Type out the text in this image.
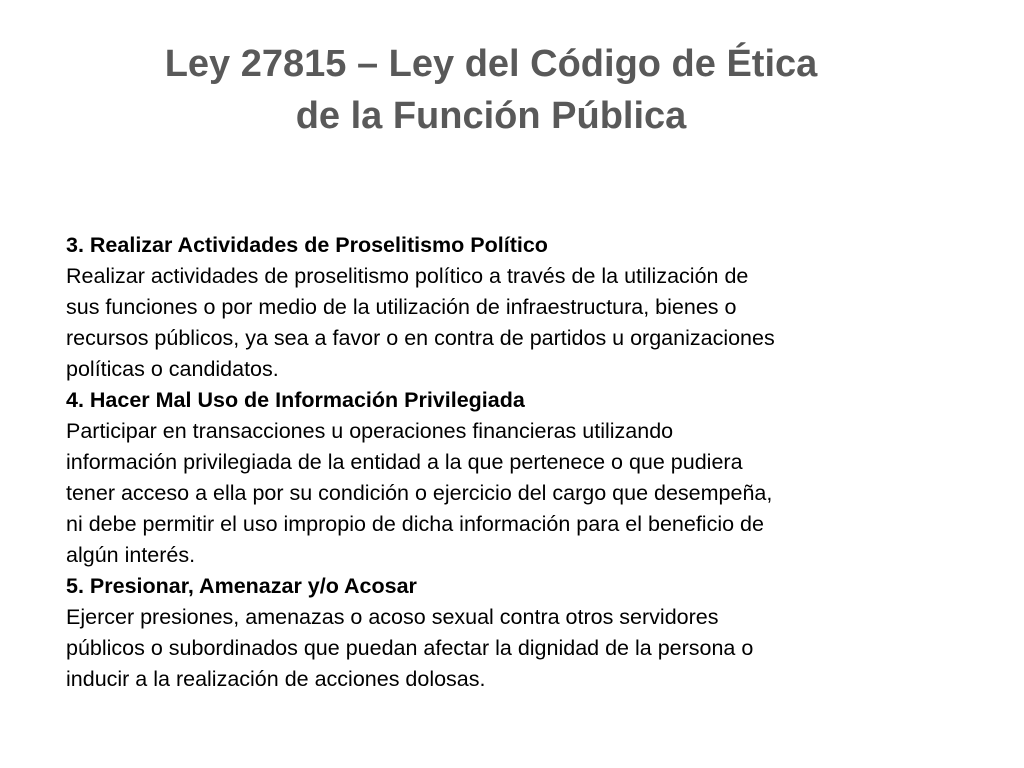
Ley 27815 – Ley del Código de Ética
de la Función Pública

3. Realizar Actividades de Proselitismo Político

Realizar actividades de proselitismo político a través de la utilización de

sus funciones o por medio de la utilización de infraestructura, bienes o

recursos públicos, ya sea a favor o en contra de partidos u organizaciones

políticas o candidatos.

4. Hacer Mal Uso de Información Privilegiada

Participar en transacciones u operaciones financieras utilizando

información privilegiada de la entidad a la que pertenece o que pudiera

tener acceso a ella por su condición o ejercicio del cargo que desempeña,

ni debe permitir el uso impropio de dicha información para el beneficio de

algún interés.

5. Presionar, Amenazar y/o Acosar

Ejercer presiones, amenazas o acoso sexual contra otros servidores

públicos o subordinados que puedan afectar la dignidad de la persona o

inducir a la realización de acciones dolosas.
